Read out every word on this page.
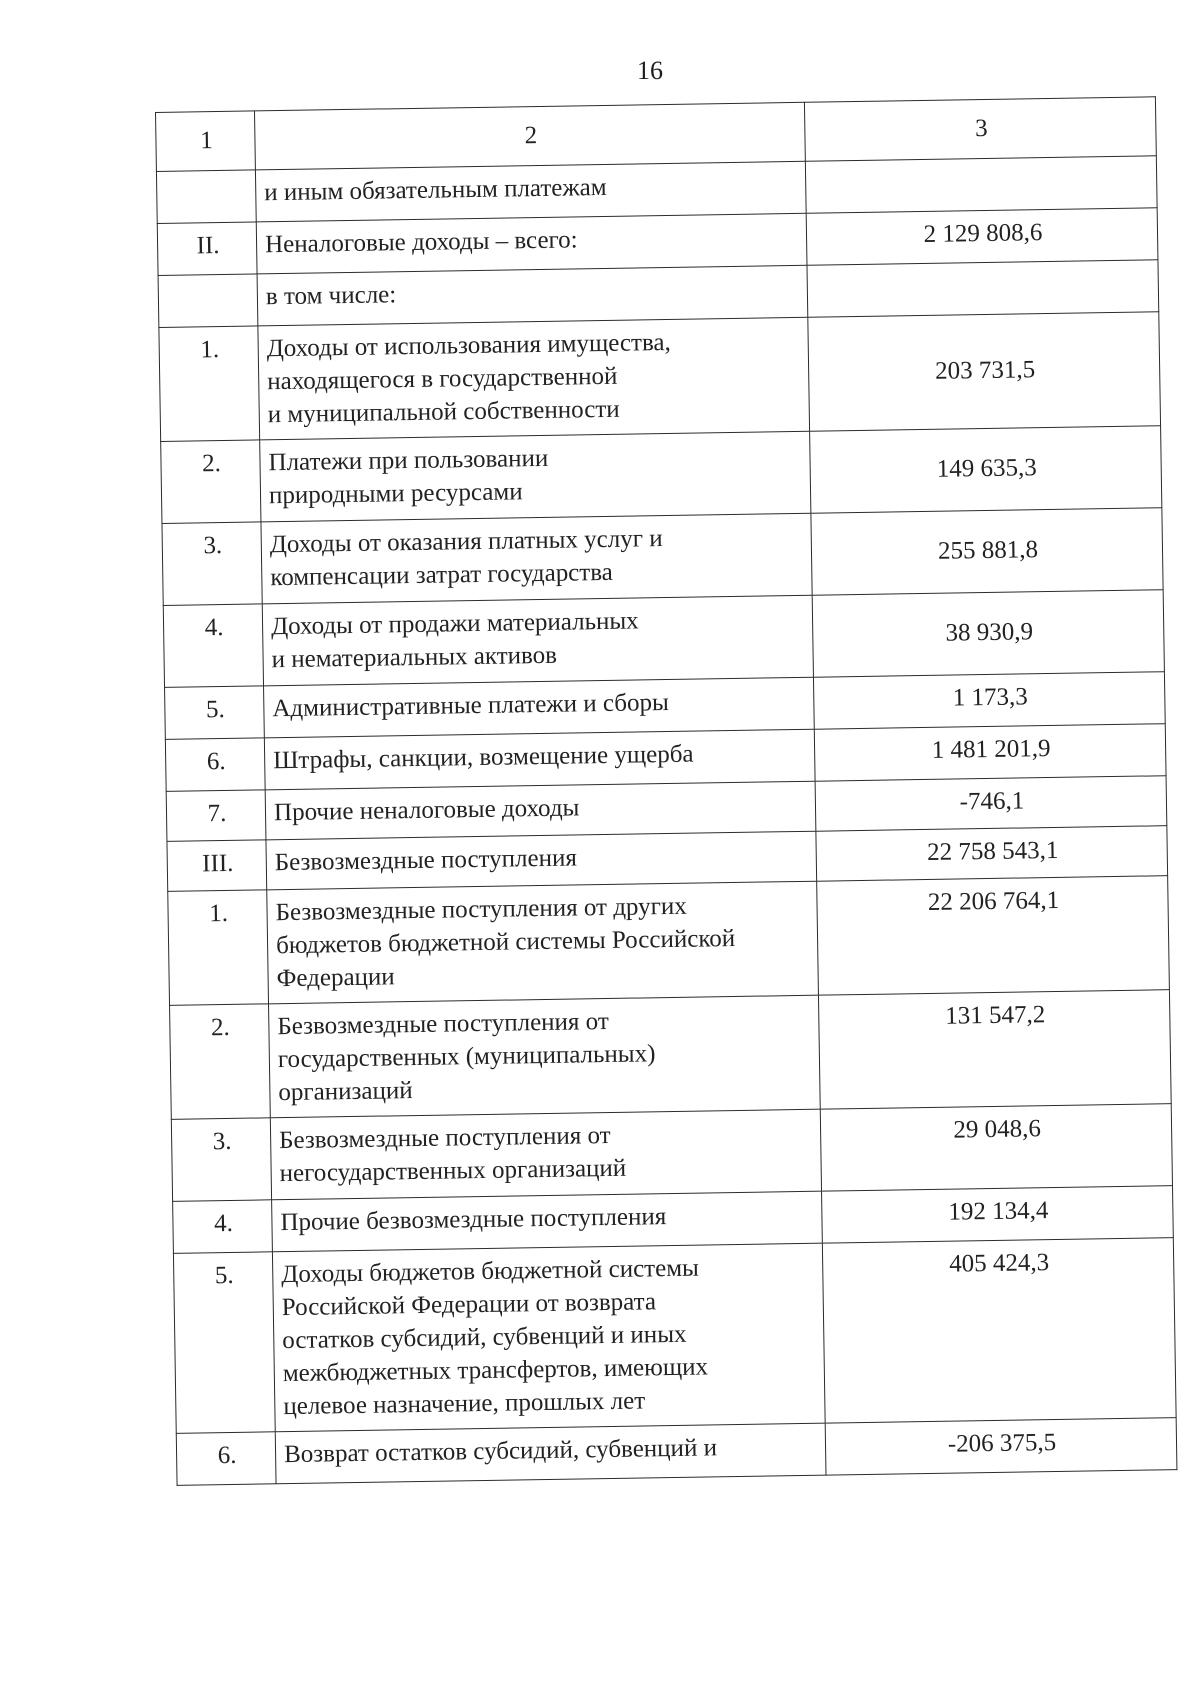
16
1	2	3
	и иным обязательным платежам	
II.	Неналоговые доходы – всего:	2 129 808,6
	в том числе:	
1.	Доходы от использования имущества,
находящегося в государственной
и муниципальной собственности	203 731,5
2.	Платежи при пользовании
природными ресурсами	149 635,3
3.	Доходы от оказания платных услуг и
компенсации затрат государства	255 881,8
4.	Доходы от продажи материальных
и нематериальных активов	38 930,9
5.	Административные платежи и сборы	1 173,3
6.	Штрафы, санкции, возмещение ущерба	1 481 201,9
7.	Прочие неналоговые доходы	-746,1
III.	Безвозмездные поступления	22 758 543,1
1.	Безвозмездные поступления от других
бюджетов бюджетной системы Российской
Федерации	22 206 764,1
2.	Безвозмездные поступления от
государственных (муниципальных)
организаций	131 547,2
3.	Безвозмездные поступления от
негосударственных организаций	29 048,6
4.	Прочие безвозмездные поступления	192 134,4
5.	Доходы бюджетов бюджетной системы
Российской Федерации от возврата
остатков субсидий, субвенций и иных
межбюджетных трансфертов, имеющих
целевое назначение, прошлых лет	405 424,3
6.	Возврат остатков субсидий, субвенций и	-206 375,5
